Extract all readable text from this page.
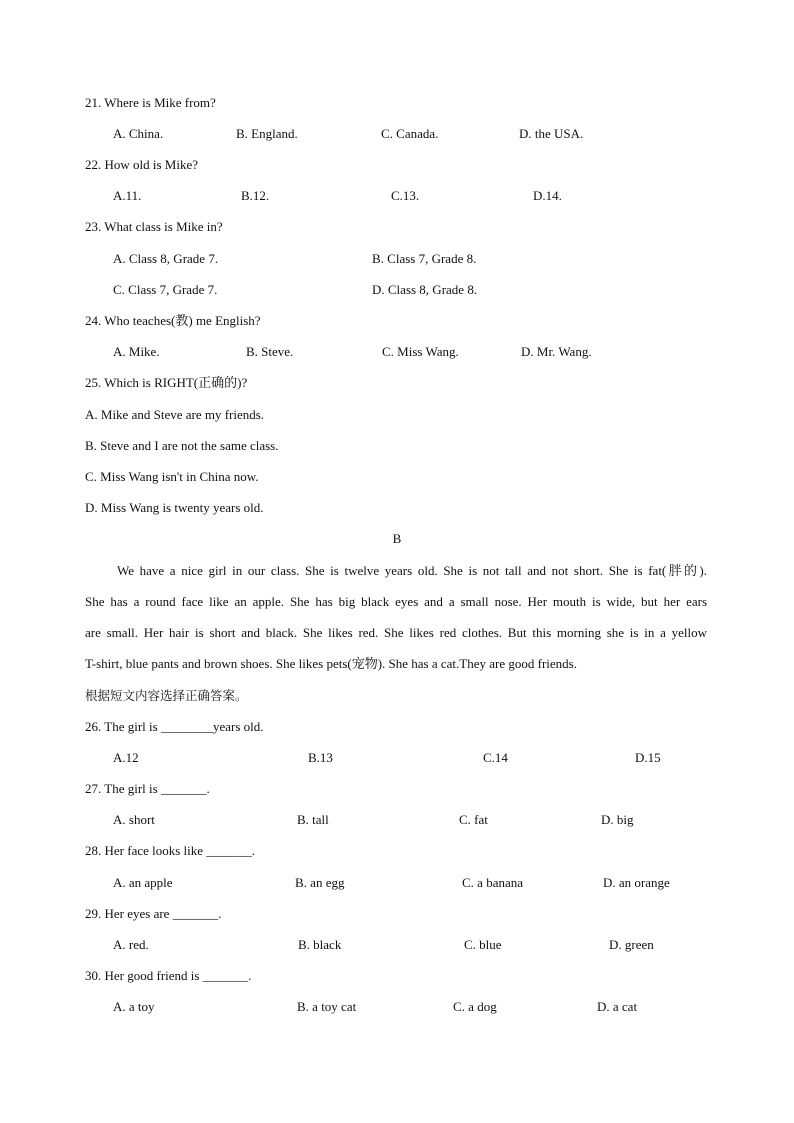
21. Where is Mike from?
A. China.	B. England.	C. Canada.	D. the USA.
22. How old is Mike?
A.11.	B.12.	C.13.	D.14.
23. What class is Mike in?
A. Class 8, Grade 7.	B. Class 7, Grade 8.
C. Class 7, Grade 7.	D. Class 8, Grade 8.
24. Who teaches(教) me English?
A. Mike.	B. Steve.	C. Miss Wang.	D. Mr. Wang.
25. Which is RIGHT(正确的)?
A. Mike and Steve are my friends.
B. Steve and I are not the same class.
C. Miss Wang isn't in China now.
D. Miss Wang is twenty years old.
B
We have a nice girl in our class. She is twelve years old. She is not tall and not short. She is fat(胖的).
She has a round face like an apple. She has big black eyes and a small nose. Her mouth is wide, but her ears
are small. Her hair is short and black. She likes red. She likes red clothes. But this morning she is in a yellow
T-shirt, blue pants and brown shoes. She likes pets(宠物). She has a cat.They are good friends.
根据短文内容选择正确答案。
26. The girl is ________years old.
A.12	B.13	C.14	D.15
27. The girl is _______.
A. short	B. tall	C. fat	D. big
28. Her face looks like _______.
A. an apple	B. an egg	C. a banana	D. an orange
29. Her eyes are _______.
A. red.	B. black	C. blue	D. green
30. Her good friend is _______.
A. a toy	B. a toy cat	C. a dog	D. a cat
